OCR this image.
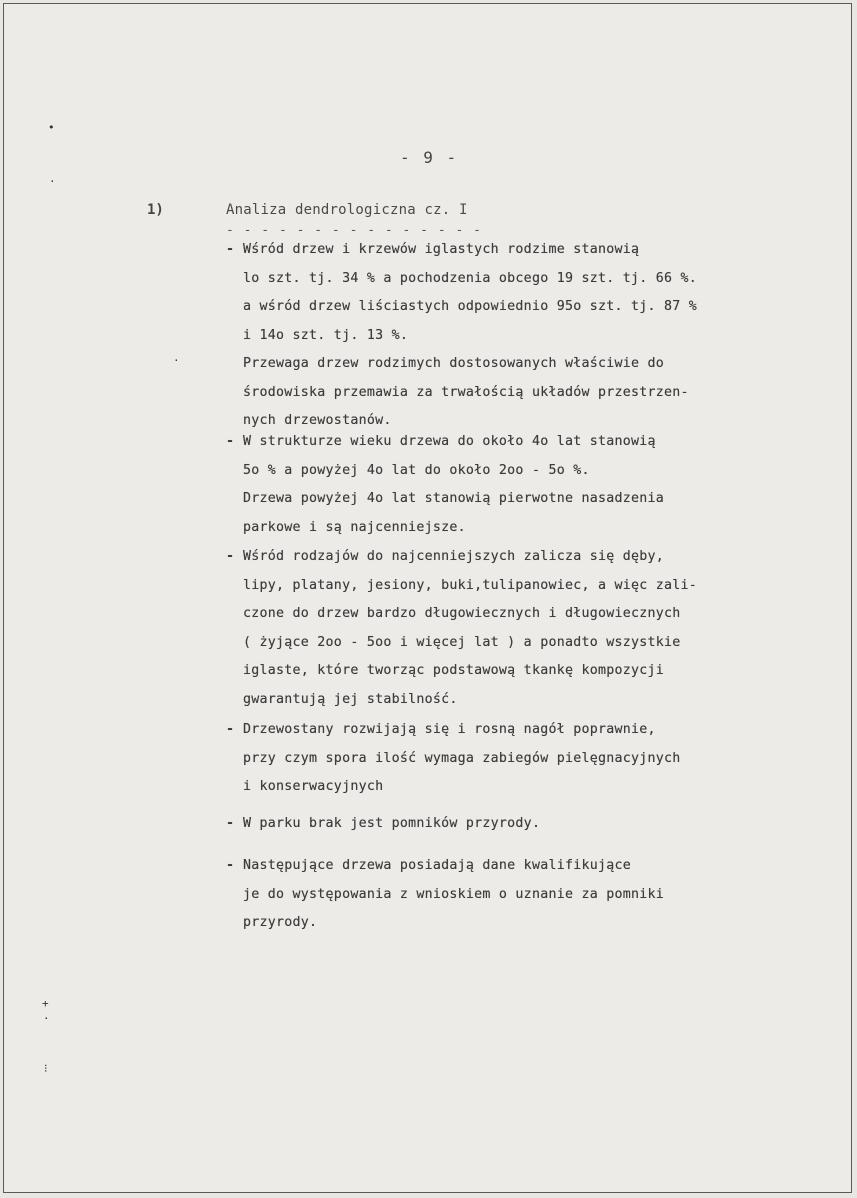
•
·
·
+
·
⁝
- 9 -
1)	Analiza dendrologiczna cz. I
- - - - - - - - - - - - - - -
- Wśród drzew i krzewów iglastych rodzime stanowią
lo szt. tj. 34 % a pochodzenia obcego 19 szt. tj. 66 %.
a wśród drzew liściastych odpowiednio 95o szt. tj. 87 %
i 14o szt. tj. 13 %.
Przewaga drzew rodzimych dostosowanych właściwie do
środowiska przemawia za trwałością układów przestrzen-
nych drzewostanów.
- W strukturze wieku drzewa do około 4o lat stanowią
5o % a powyżej 4o lat do około 2oo - 5o %.
Drzewa powyżej 4o lat stanowią pierwotne nasadzenia
parkowe i są najcenniejsze.
- Wśród rodzajów do najcenniejszych zalicza się dęby,
lipy, platany, jesiony, buki,tulipanowiec, a więc zali-
czone do drzew bardzo długowiecznych i długowiecznych
( żyjące 2oo - 5oo i więcej lat ) a ponadto wszystkie
iglaste, które tworząc podstawową tkankę kompozycji
gwarantują jej stabilność.
- Drzewostany rozwijają się i rosną nagół poprawnie,
przy czym spora ilość wymaga zabiegów pielęgnacyjnych
i konserwacyjnych
- W parku brak jest pomników przyrody.
- Następujące drzewa posiadają dane kwalifikujące
je do występowania z wnioskiem o uznanie za pomniki
przyrody.
